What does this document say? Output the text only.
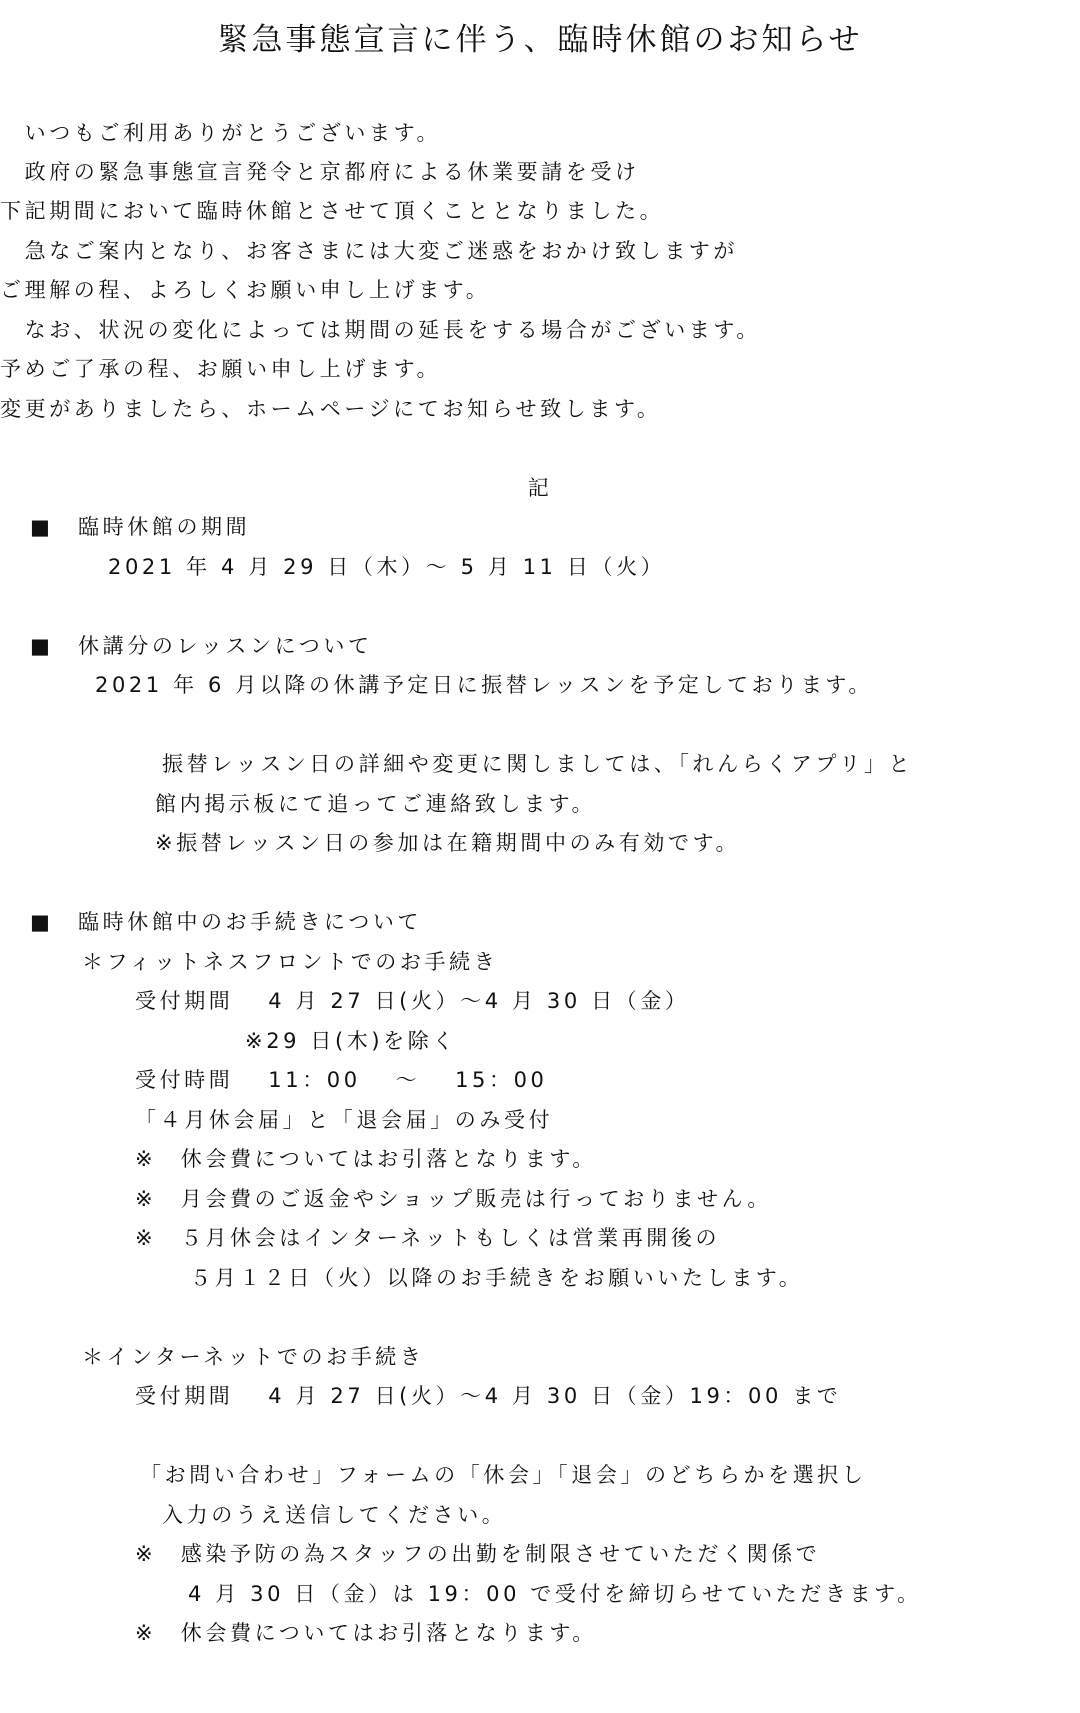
緊急事態宣言に伴う、臨時休館のお知らせ
　いつもご利用ありがとうございます。
　政府の緊急事態宣言発令と京都府による休業要請を受け
下記期間において臨時休館とさせて頂くこととなりました。
　急なご案内となり、お客さまには大変ご迷惑をおかけ致しますが
ご理解の程、よろしくお願い申し上げます。
　なお、状況の変化によっては期間の延長をする場合がございます。
予めご了承の程、お願い申し上げます。
変更がありましたら、ホームページにてお知らせ致します。
記
■　臨時休館の期間
2021 年 4 月 29 日（木）～ 5 月 11 日（火）
■　休講分のレッスンについて
2021 年 6 月以降の休講予定日に振替レッスンを予定しております。
振替レッスン日の詳細や変更に関しましては、「れんらくアプリ」と
館内掲示板にて追ってご連絡致します。
※振替レッスン日の参加は在籍期間中のみ有効です。
■　臨時休館中のお手続きについて
＊フィットネスフロントでのお手続き
受付期間　 4 月 27 日(火）～4 月 30 日（金）
※29 日(木)を除く
受付時間　 11：00　 ～　 15：00
「４月休会届」と「退会届」のみ受付
※　休会費についてはお引落となります。
※　月会費のご返金やショップ販売は行っておりません。
※　５月休会はインターネットもしくは営業再開後の
５月１２日（火）以降のお手続きをお願いいたします。
＊インターネットでのお手続き
受付期間　 4 月 27 日(火）～4 月 30 日（金）19：00 まで
「お問い合わせ」フォームの「休会」「退会」のどちらかを選択し
入力のうえ送信してください。
※　感染予防の為スタッフの出勤を制限させていただく関係で
4 月 30 日（金）は 19：00 で受付を締切らせていただきます。
※　休会費についてはお引落となります。
